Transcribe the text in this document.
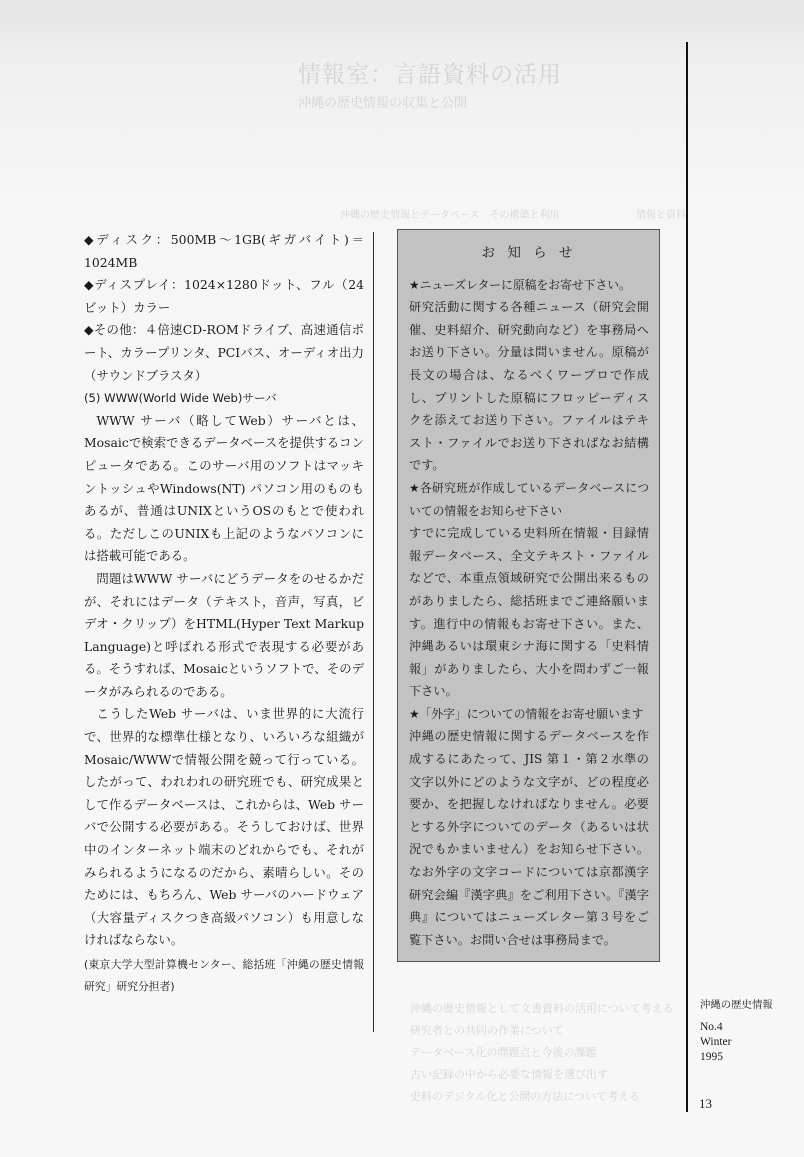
情報室：言語資料の活用
沖縄の歴史情報の収集と公開
沖縄の歴史情報とデータベース　その構築と利用	情報と資料
沖縄の歴史情報として文書資料の活用について考える
研究者との共同の作業について
データベース化の問題点と今後の課題
古い記録の中から必要な情報を選び出す
史料のデジタル化と公開の方法について考える

◆ディスク：500MB～1GB(ギガバイト)＝1024MB

◆ディスプレイ：1024×1280ドット、フル（24ビット）カラー

◆その他：４倍速CD-ROMドライブ、高速通信ポート、カラープリンタ、PCIバス、オーディオ出力（サウンドブラスタ）

(5) WWW(World Wide Web)サーバ

WWW サーバ（略してWeb）サーバとは、Mosaicで検索できるデータベースを提供するコンピュータである。このサーバ用のソフトはマッキントッシュやWindows(NT) パソコン用のものもあるが、普通はUNIXというOSのもとで使われる。ただしこのUNIXも上記のようなパソコンには搭載可能である。

問題はWWW サーバにどうデータをのせるかだが、それにはデータ（テキスト，音声，写真，ビデオ・クリップ）をHTML(Hyper Text Markup Language)と呼ばれる形式で表現する必要がある。そうすれば、Mosaicというソフトで、そのデータがみられるのである。

こうしたWeb サーバは、いま世界的に大流行で、世界的な標準仕様となり、いろいろな組織がMosaic/WWWで情報公開を競って行っている。したがって、われわれの研究班でも、研究成果として作るデータベースは、これからは、Web サーバで公開する必要がある。そうしておけば、世界中のインターネット端末のどれからでも、それがみられるようになるのだから、素晴らしい。そのためには、もちろん、Web サーバのハードウェア（大容量ディスクつき高級パソコン）も用意しなければならない。

(東京大学大型計算機センター、総括班「沖縄の歴史情報研究」研究分担者)

お 知 ら せ

★ニューズレターに原稿をお寄せ下さい。

研究活動に関する各種ニュース（研究会開催、史料紹介、研究動向など）を事務局へお送り下さい。分量は問いません。原稿が長文の場合は、なるべくワープロで作成し、プリントした原稿にフロッピーディスクを添えてお送り下さい。ファイルはテキスト・ファイルでお送り下さればなお結構です。

★各研究班が作成しているデータベースについての情報をお知らせ下さい

すでに完成している史料所在情報・目録情報データベース、全文テキスト・ファイルなどで、本重点領域研究で公開出来るものがありましたら、総括班までご連絡願います。進行中の情報もお寄せ下さい。また、沖縄あるいは環東シナ海に関する「史料情報」がありましたら、大小を問わずご一報下さい。

★「外字」についての情報をお寄せ願います

沖縄の歴史情報に関するデータベースを作成するにあたって、JIS 第１・第２水準の文字以外にどのような文字が、どの程度必要か、を把握しなければなりません。必要とする外字についてのデータ（あるいは状況でもかまいません）をお知らせ下さい。なお外字の文字コードについては京都漢字研究会編『漢字典』をご利用下さい。『漢字典』についてはニューズレター第３号をご覧下さい。お問い合せは事務局まで。

沖縄の歴史情報
No.4
Winter
1995
13
